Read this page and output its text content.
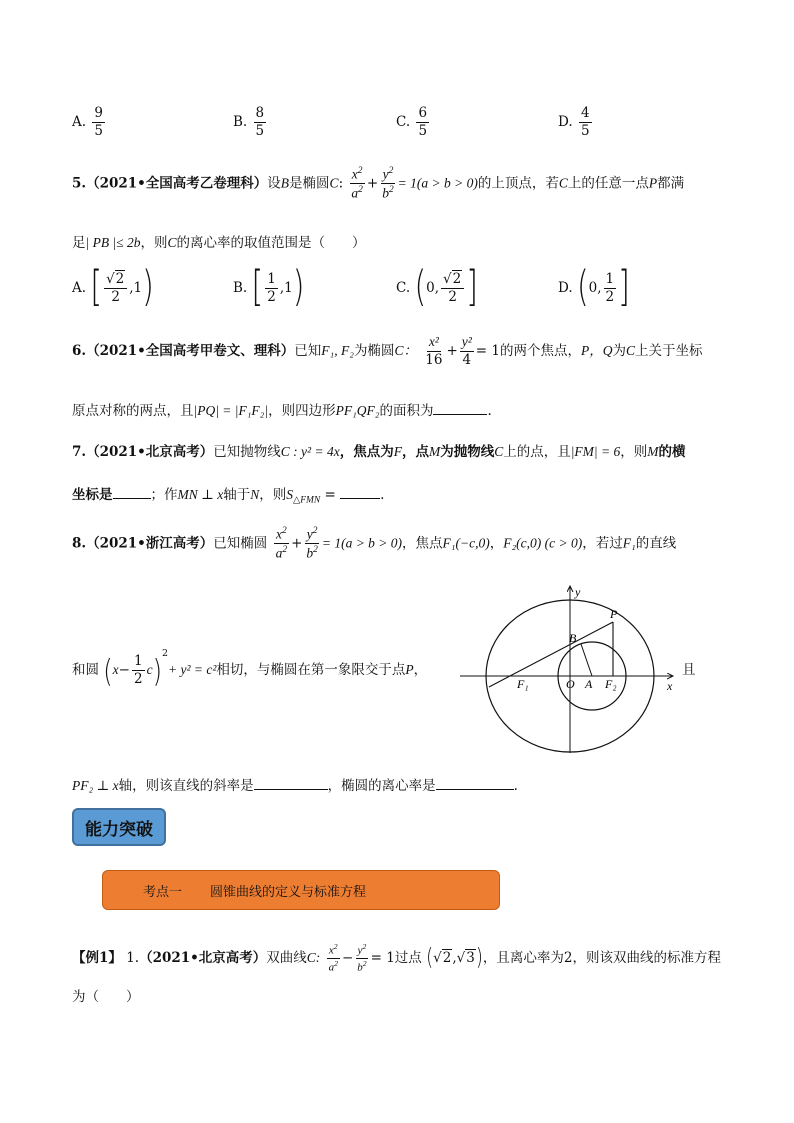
A. $\frac{9}{5}$	B. $\frac{8}{5}$	C. $\frac{6}{5}$	D. $\frac{4}{5}$
5.（2021•全国高考乙卷理科）设B是椭圆C: $\frac{x^2}{a^2} + \frac{y^2}{b^2} = 1(a > b > 0)$的上顶点，若C上的任意一点P都满
足| PB |≤ 2b，则C的离心率的取值范围是（　　）
A. [ $\frac{√2}{2} ,1$)	B. [ $\frac{1}{2} ,1$)	C. (0, $\frac{√2}{2}$ ]	D. (0, $\frac{1}{2}$ ]
6.（2021•全国高考甲卷文、理科）已知F₁, F₂为椭圆C： $\frac{\text{x²}}{16} + \frac{\text{y²}}{4} = 1$的两个焦点，P，Q为C上关于坐标
原点对称的两点，且|PQ| = |F₁F₂|，则四边形PF₁QF₂的面积为	.
7.（2021•北京高考）已知抛物线C : y² = 4x，焦点为F，点M为抛物线C上的点，且|FM| = 6，则M的横
坐标是	；作MN ⊥ x轴于N，则$S_{\triangle FMN}$ =	.
8.（2021•浙江高考）已知椭圆 $\frac{x^2}{a^2} + \frac{y^2}{b^2} = 1(a > b > 0)$，焦点F₁(−c,0)，F₂(c,0) (c > 0)，若过F₁的直线
和圆 $(x- \frac{1}{2} c)^2+ y^2 = c^2$相切，与椭圆在第一象限交于点P，	且
y
x
P
B
F₁	O A F₂
PF₂ ⊥ x轴，则该直线的斜率是	，椭圆的离心率是	.
能力突破
考点一 圆锥曲线的定义与标准方程
【例1】 1.（2021•北京高考）双曲线C: $\frac{x^2}{a^2} - \frac{y^2}{b^2} = 1$过点 (√2,√3)，且离心率为2，则该双曲线的标准方程
为（　　）
